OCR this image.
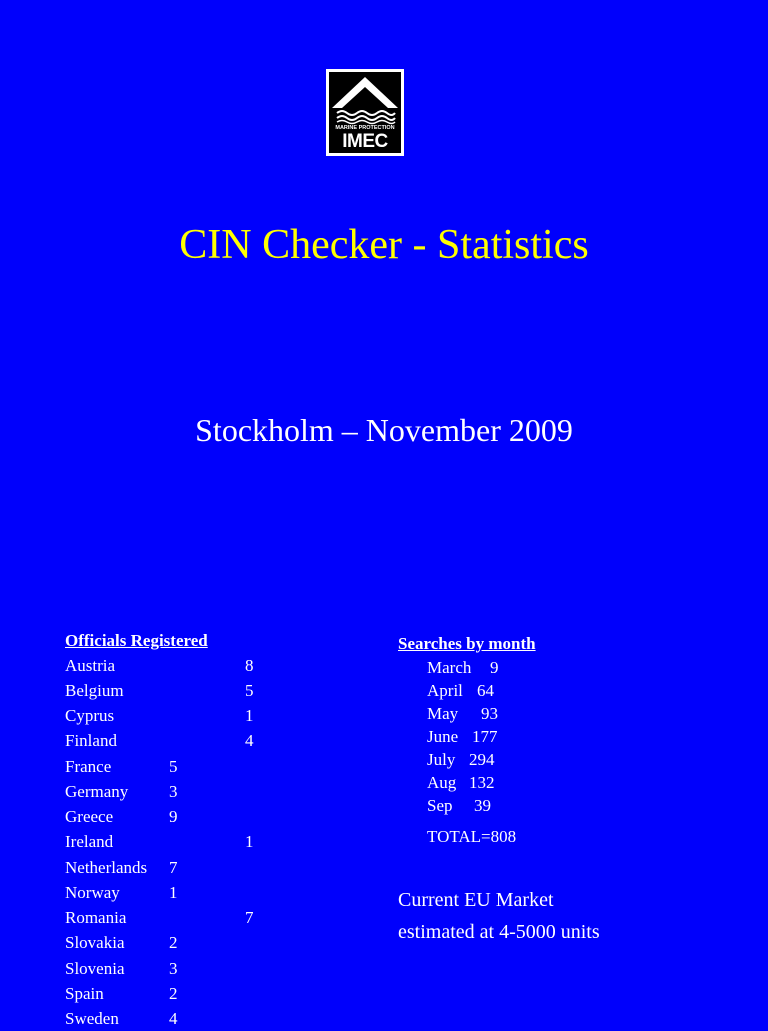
MARINE PROTECTION
IMEC
CIN Checker - Statistics
Stockholm – November 2009
Officials Registered
Austria	8
Belgium	5
Cyprus	1
Finland	4
France	5
Germany 3
Greece	9
Ireland	1
Netherlands 7
Norway	1
Romania	7
Slovakia	2
Slovenia	3
Spain	2
Sweden	4
Searches by month
March 9
April 64
May 93
June 177
July 294
Aug 132
Sep 39
TOTAL=808
Current EU Market
estimated at 4-5000 units
